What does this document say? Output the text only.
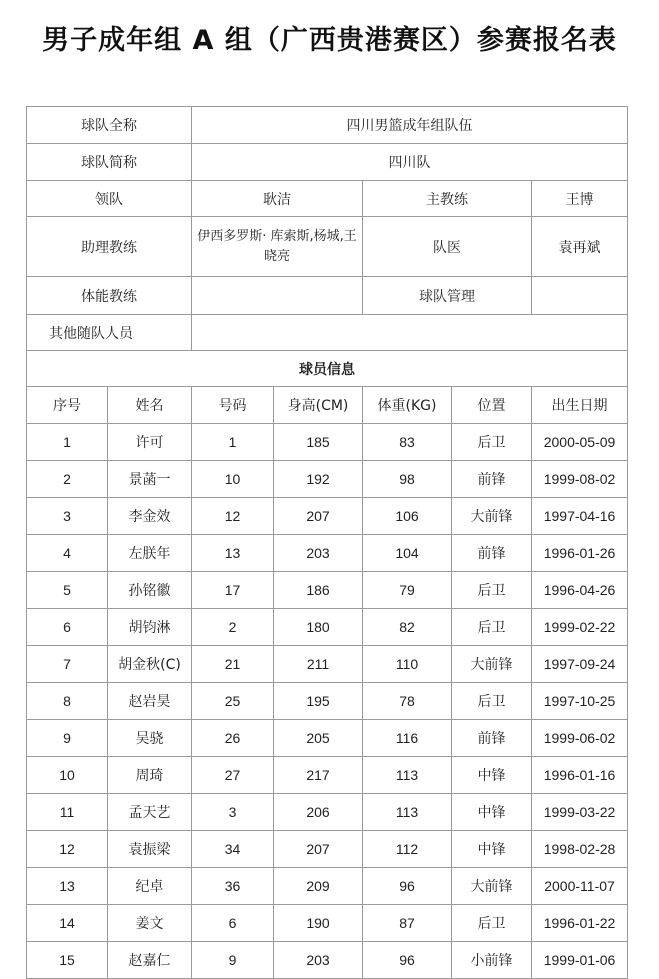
男子成年组 A 组（广西贵港赛区）参赛报名表
球队全称		四川男篮成年组队伍				
球队简称		四川队				
领队		耿洁		主教练		王博
助理教练		伊西多罗斯· 库索斯,杨城,王晓亮		队医		袁再斌
体能教练				球队管理		
其他随队人员						
球员信息						
序号	姓名	号码	身高(CM)	体重(KG)	位置	出生日期
1	许可	1	185	83	后卫	2000-05-09
2	景菡一	10	192	98	前锋	1999-08-02
3	李金效	12	207	106	大前锋	1997-04-16
4	左朕年	13	203	104	前锋	1996-01-26
5	孙铭徽	17	186	79	后卫	1996-04-26
6	胡钧淋	2	180	82	后卫	1999-02-22
7	胡金秋(C)	21	211	110	大前锋	1997-09-24
8	赵岩昊	25	195	78	后卫	1997-10-25
9	吴骁	26	205	116	前锋	1999-06-02
10	周琦	27	217	113	中锋	1996-01-16
11	孟天艺	3	206	113	中锋	1999-03-22
12	袁振梁	34	207	112	中锋	1998-02-28
13	纪卓	36	209	96	大前锋	2000-11-07
14	姜文	6	190	87	后卫	1996-01-22
15	赵嘉仁	9	203	96	小前锋	1999-01-06
